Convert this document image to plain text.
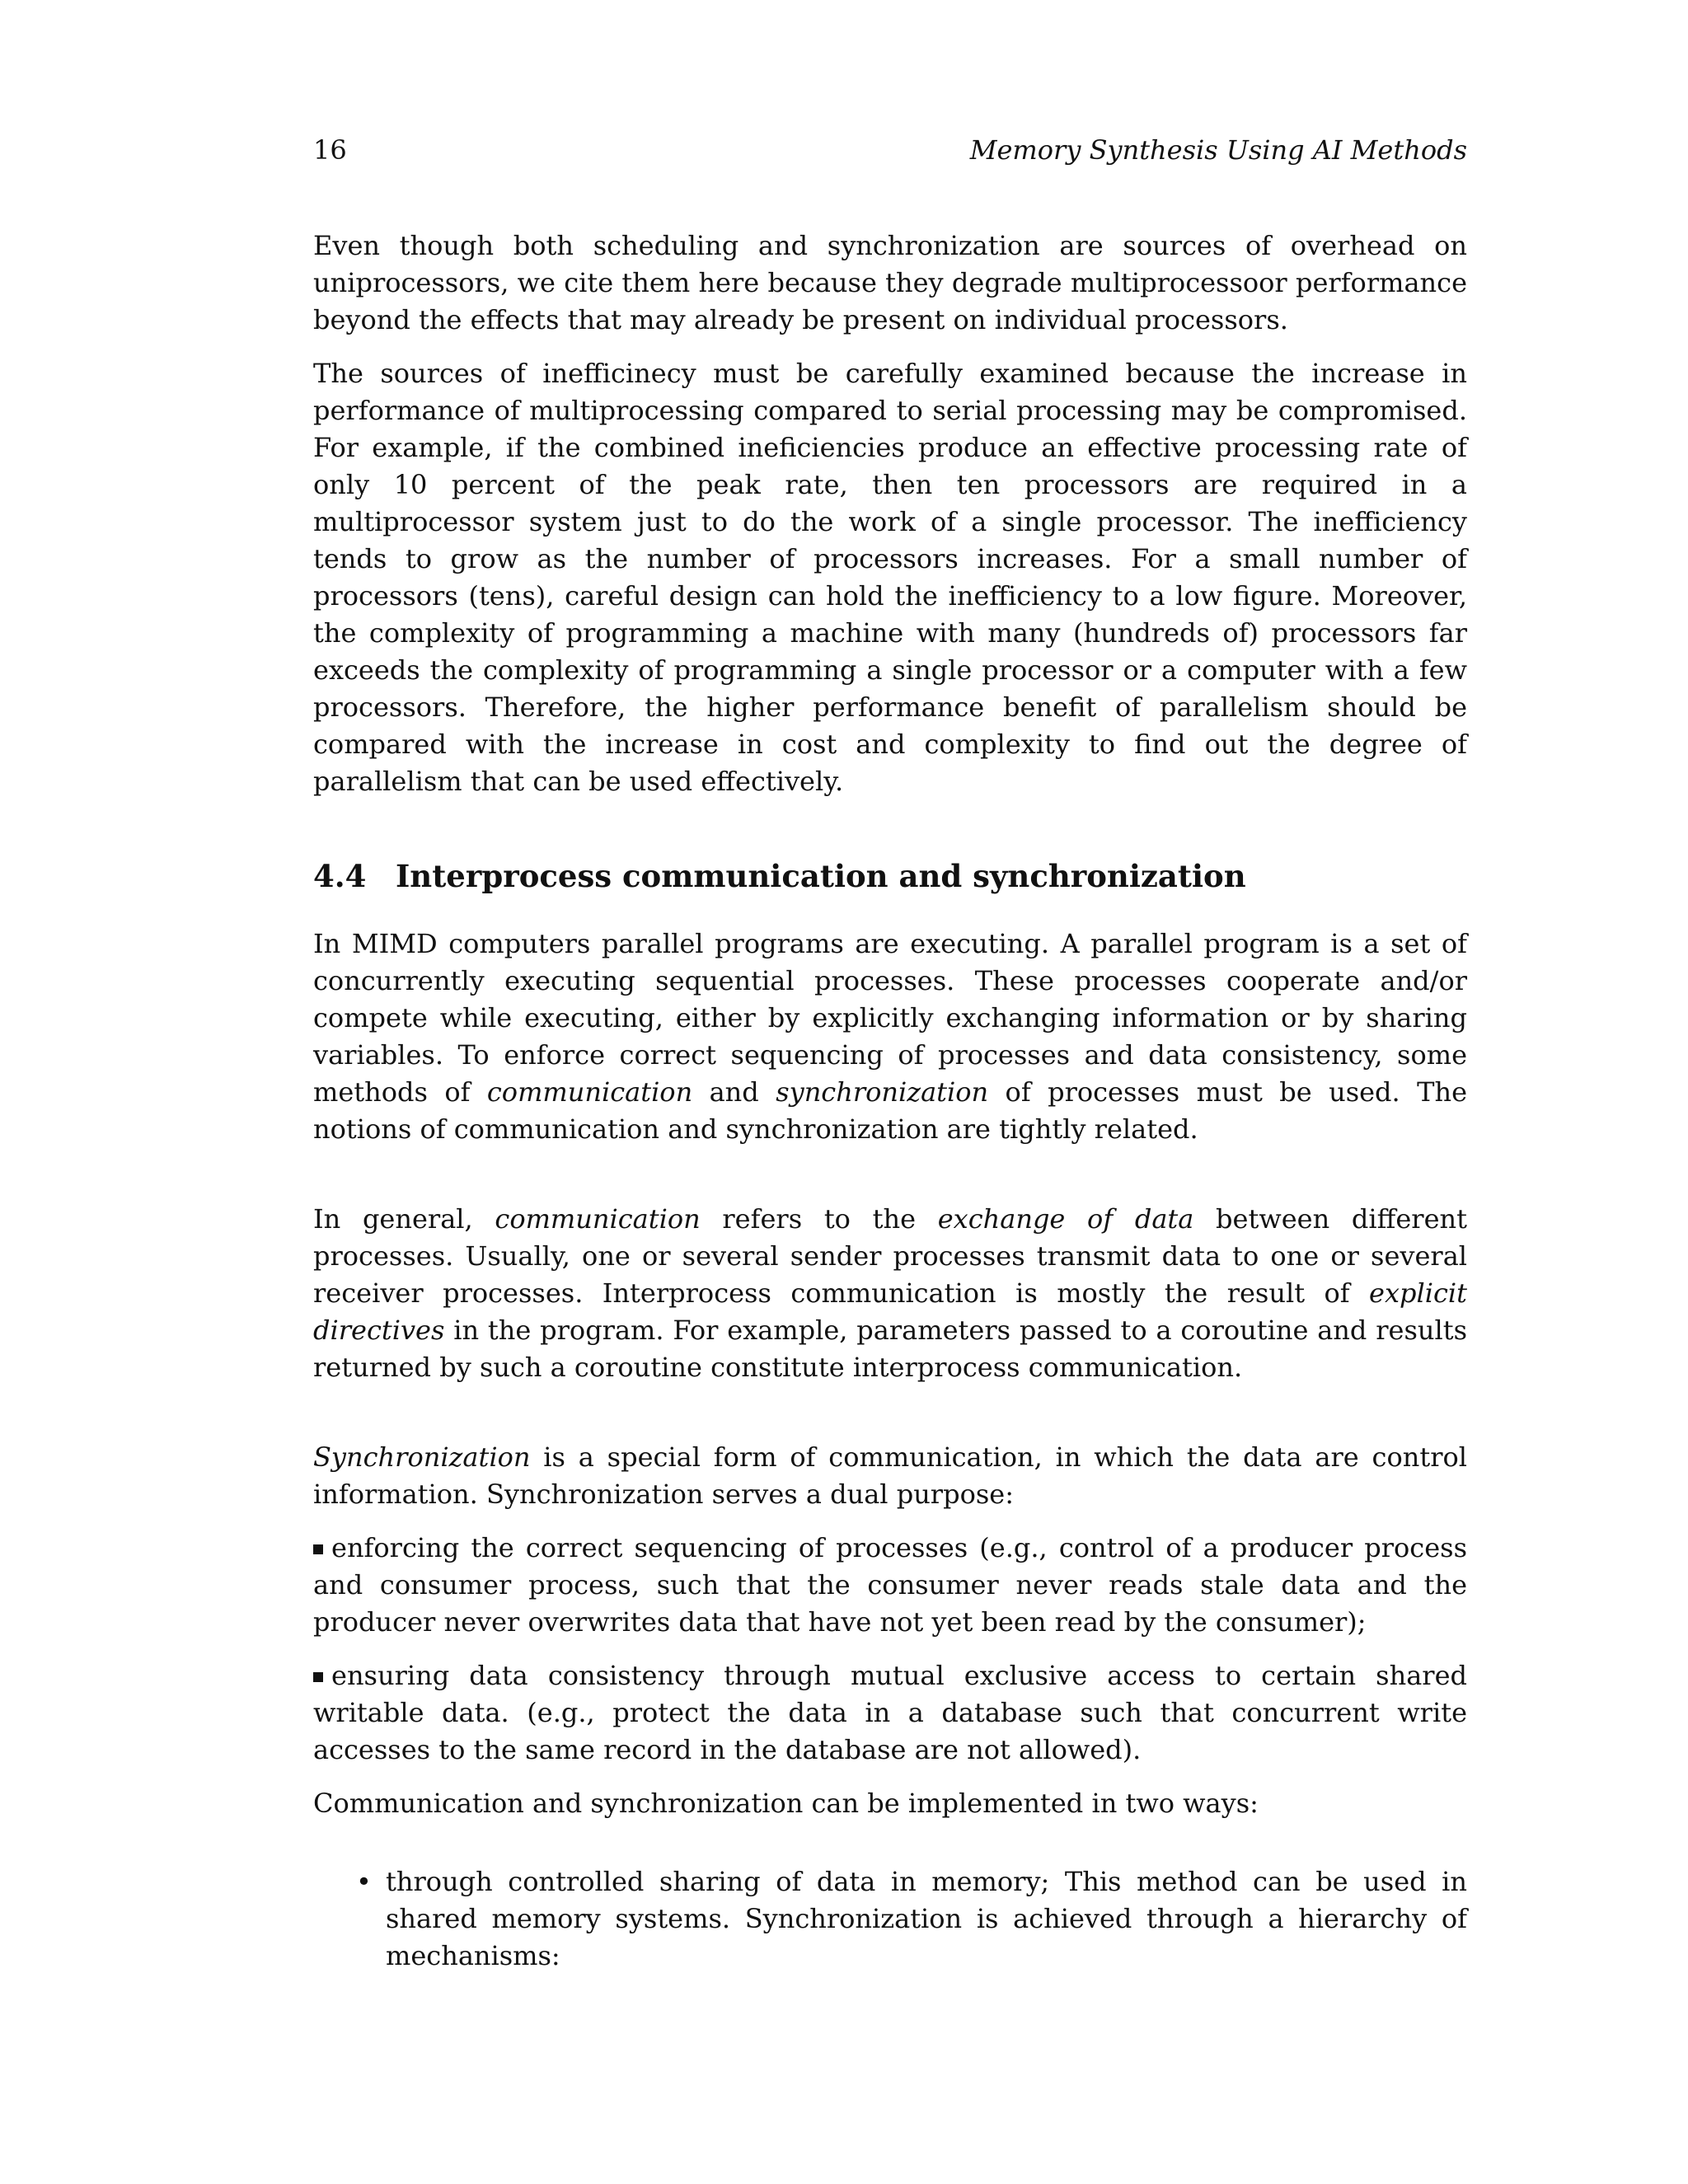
16	Memory Synthesis Using AI Methods

Even though both scheduling and synchronization are sources of overhead on uniprocessors, we cite them here because they degrade multiprocessoor performance beyond the effects that may already be present on individual processors.

The sources of inefficinecy must be carefully examined because the increase in performance of multiprocessing compared to serial processing may be compromised. For example, if the combined ineficiencies produce an effective processing rate of only 10 percent of the peak rate, then ten processors are required in a multiprocessor system just to do the work of a single processor. The inefficiency tends to grow as the number of processors increases. For a small number of processors (tens), careful design can hold the inefficiency to a low figure. Moreover, the complexity of programming a machine with many (hundreds of) processors far exceeds the complexity of programming a single processor or a computer with a few processors. Therefore, the higher performance benefit of parallelism should be compared with the increase in cost and complexity to find out the degree of parallelism that can be used effectively.

4.4 Interprocess communication and synchronization

In MIMD computers parallel programs are executing. A parallel program is a set of concurrently executing sequential processes. These processes cooperate and/or compete while executing, either by explicitly exchanging information or by sharing variables. To enforce correct sequencing of processes and data consistency, some methods of communication and synchronization of processes must be used. The notions of communication and synchronization are tightly related.

In general, communication refers to the exchange of data between different processes. Usually, one or several sender processes transmit data to one or several receiver processes. Interprocess communication is mostly the result of explicit directives in the program. For example, parameters passed to a coroutine and results returned by such a coroutine constitute interprocess communication.

Synchronization is a special form of communication, in which the data are control information. Synchronization serves a dual purpose:

enforcing the correct sequencing of processes (e.g., control of a producer process and consumer process, such that the consumer never reads stale data and the producer never overwrites data that have not yet been read by the consumer);

ensuring data consistency through mutual exclusive access to certain shared writable data. (e.g., protect the data in a database such that concurrent write accesses to the same record in the database are not allowed).

Communication and synchronization can be implemented in two ways:

• through controlled sharing of data in memory; This method can be used in shared memory systems. Synchronization is achieved through a hierarchy of mechanisms:
